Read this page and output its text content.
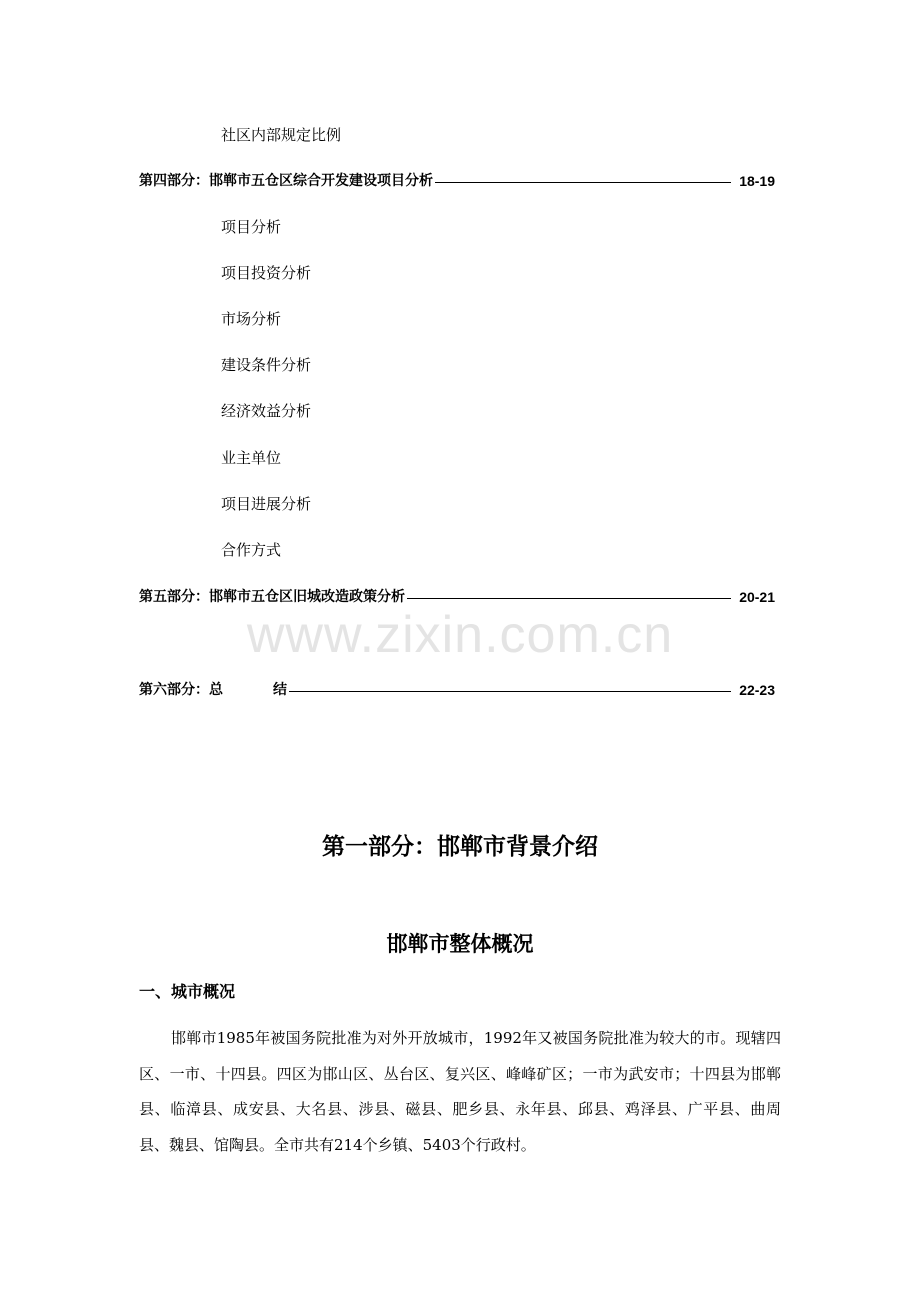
社区内部规定比例
第四部分：邯郸市五仓区综合开发建设项目分析	18-19
项目分析
项目投资分析
市场分析
建设条件分析
经济效益分析
业主单位
项目进展分析
合作方式
第五部分：邯郸市五仓区旧城改造政策分析	20-21
www.zixin.com.cn
第六部分：总	结	22-23
第一部分：邯郸市背景介绍
邯郸市整体概况
一、城市概况
邯郸市1985年被国务院批准为对外开放城市，1992年又被国务院批准为较大的市。现辖四区、一市、十四县。四区为邯山区、丛台区、复兴区、峰峰矿区；一市为武安市；十四县为邯郸县、临漳县、成安县、大名县、涉县、磁县、肥乡县、永年县、邱县、鸡泽县、广平县、曲周县、魏县、馆陶县。全市共有214个乡镇、5403个行政村。
